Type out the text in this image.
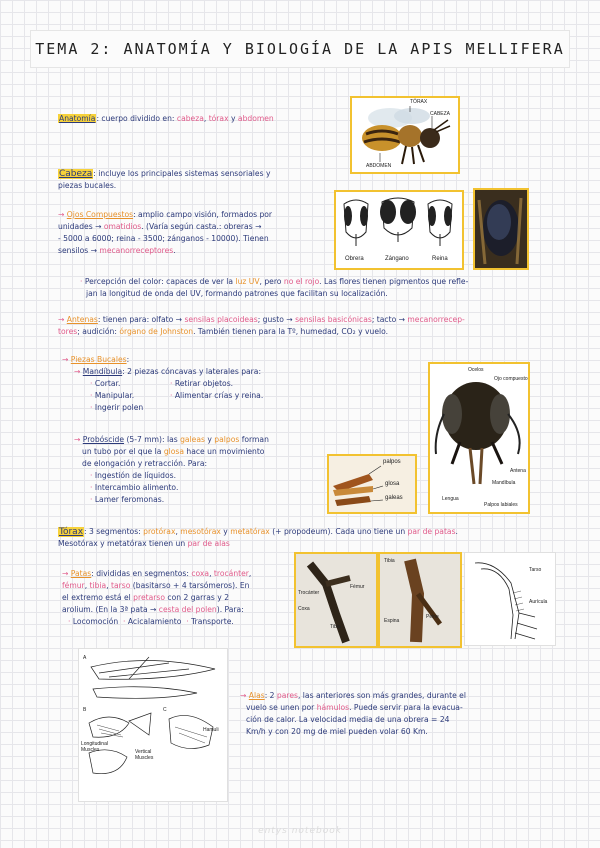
TEMA 2: ANATOMÍA Y BIOLOGÍA DE LA APIS MELLIFERA
Anatomía: cuerpo dividido en: cabeza, tórax y abdomen
TÓRAX
CABEZA
ABDOMEN
Cabeza: incluye los principales sistemas sensoriales y piezas bucales.
Obrera	Zángano	Reina
→ Ojos Compuestos: amplio campo visión, formados por
unidades → omatidios. (Varía según casta.: obreras →
- 5000 a 6000; reina - 3500; zánganos - 10000). Tienen
sensilos → mecanorreceptores.
· Percepción del color: capaces de ver la luz UV, pero no el rojo. Las flores tienen pigmentos que refle-
jan la longitud de onda del UV, formando patrones que facilitan su localización.
→ Antenas: tienen para: olfato → sensilas placoideas; gusto → sensilas basicónicas; tacto → mecanorrecep-
tores; audición: órgano de Johnston. También tienen para la Tº, humedad, CO₂ y vuelo.
→ Piezas Bucales:
→ Mandíbula: 2 piezas cóncavas y laterales para:
· Cortar.
· Manipular.
· Ingerir polen
· Retirar objetos.
· Alimentar crías y reina.
→ Probóscide (5-7 mm): las galeas y palpos forman
un tubo por el que la glosa hace un movimiento
de elongación y retracción. Para:
· Ingestión de líquidos.
· Intercambio alimento.
· Lamer feromonas.
palpos
glosa
galeas
Ocelos
Ojo compuesto
Antena
Mandíbula
Lengua
Palpos labiales
Tórax: 3 segmentos: protórax, mesotórax y metatórax (+ propodeum). Cada uno tiene un par de patas.
Mesotórax y metatórax tienen un par de alas
→ Patas: divididas en segmentos: coxa, trocánter,
fémur, tibia, tarso (basitarso + 4 tarsómeros). En
el extremo está el pretarso con 2 garras y 2
arolium. (En la 3ª pata → cesta del polen). Para:
· Locomoción · Acicalamiento · Transporte.
Trocánter
Coxa
Fémur
Tibia
Tibia
Espina
Peine
Tarso
Aurícula
A
B	C
Longitudinal Muscles	Vertical Muscles
Hamuli
→ Alas: 2 pares, las anteriores son más grandes, durante el
vuelo se unen por hámulos. Puede servir para la evacua-
ción de calor. La velocidad media de una obrera = 24
Km/h y con 20 mg de miel pueden volar 60 Km.
entys notebook
